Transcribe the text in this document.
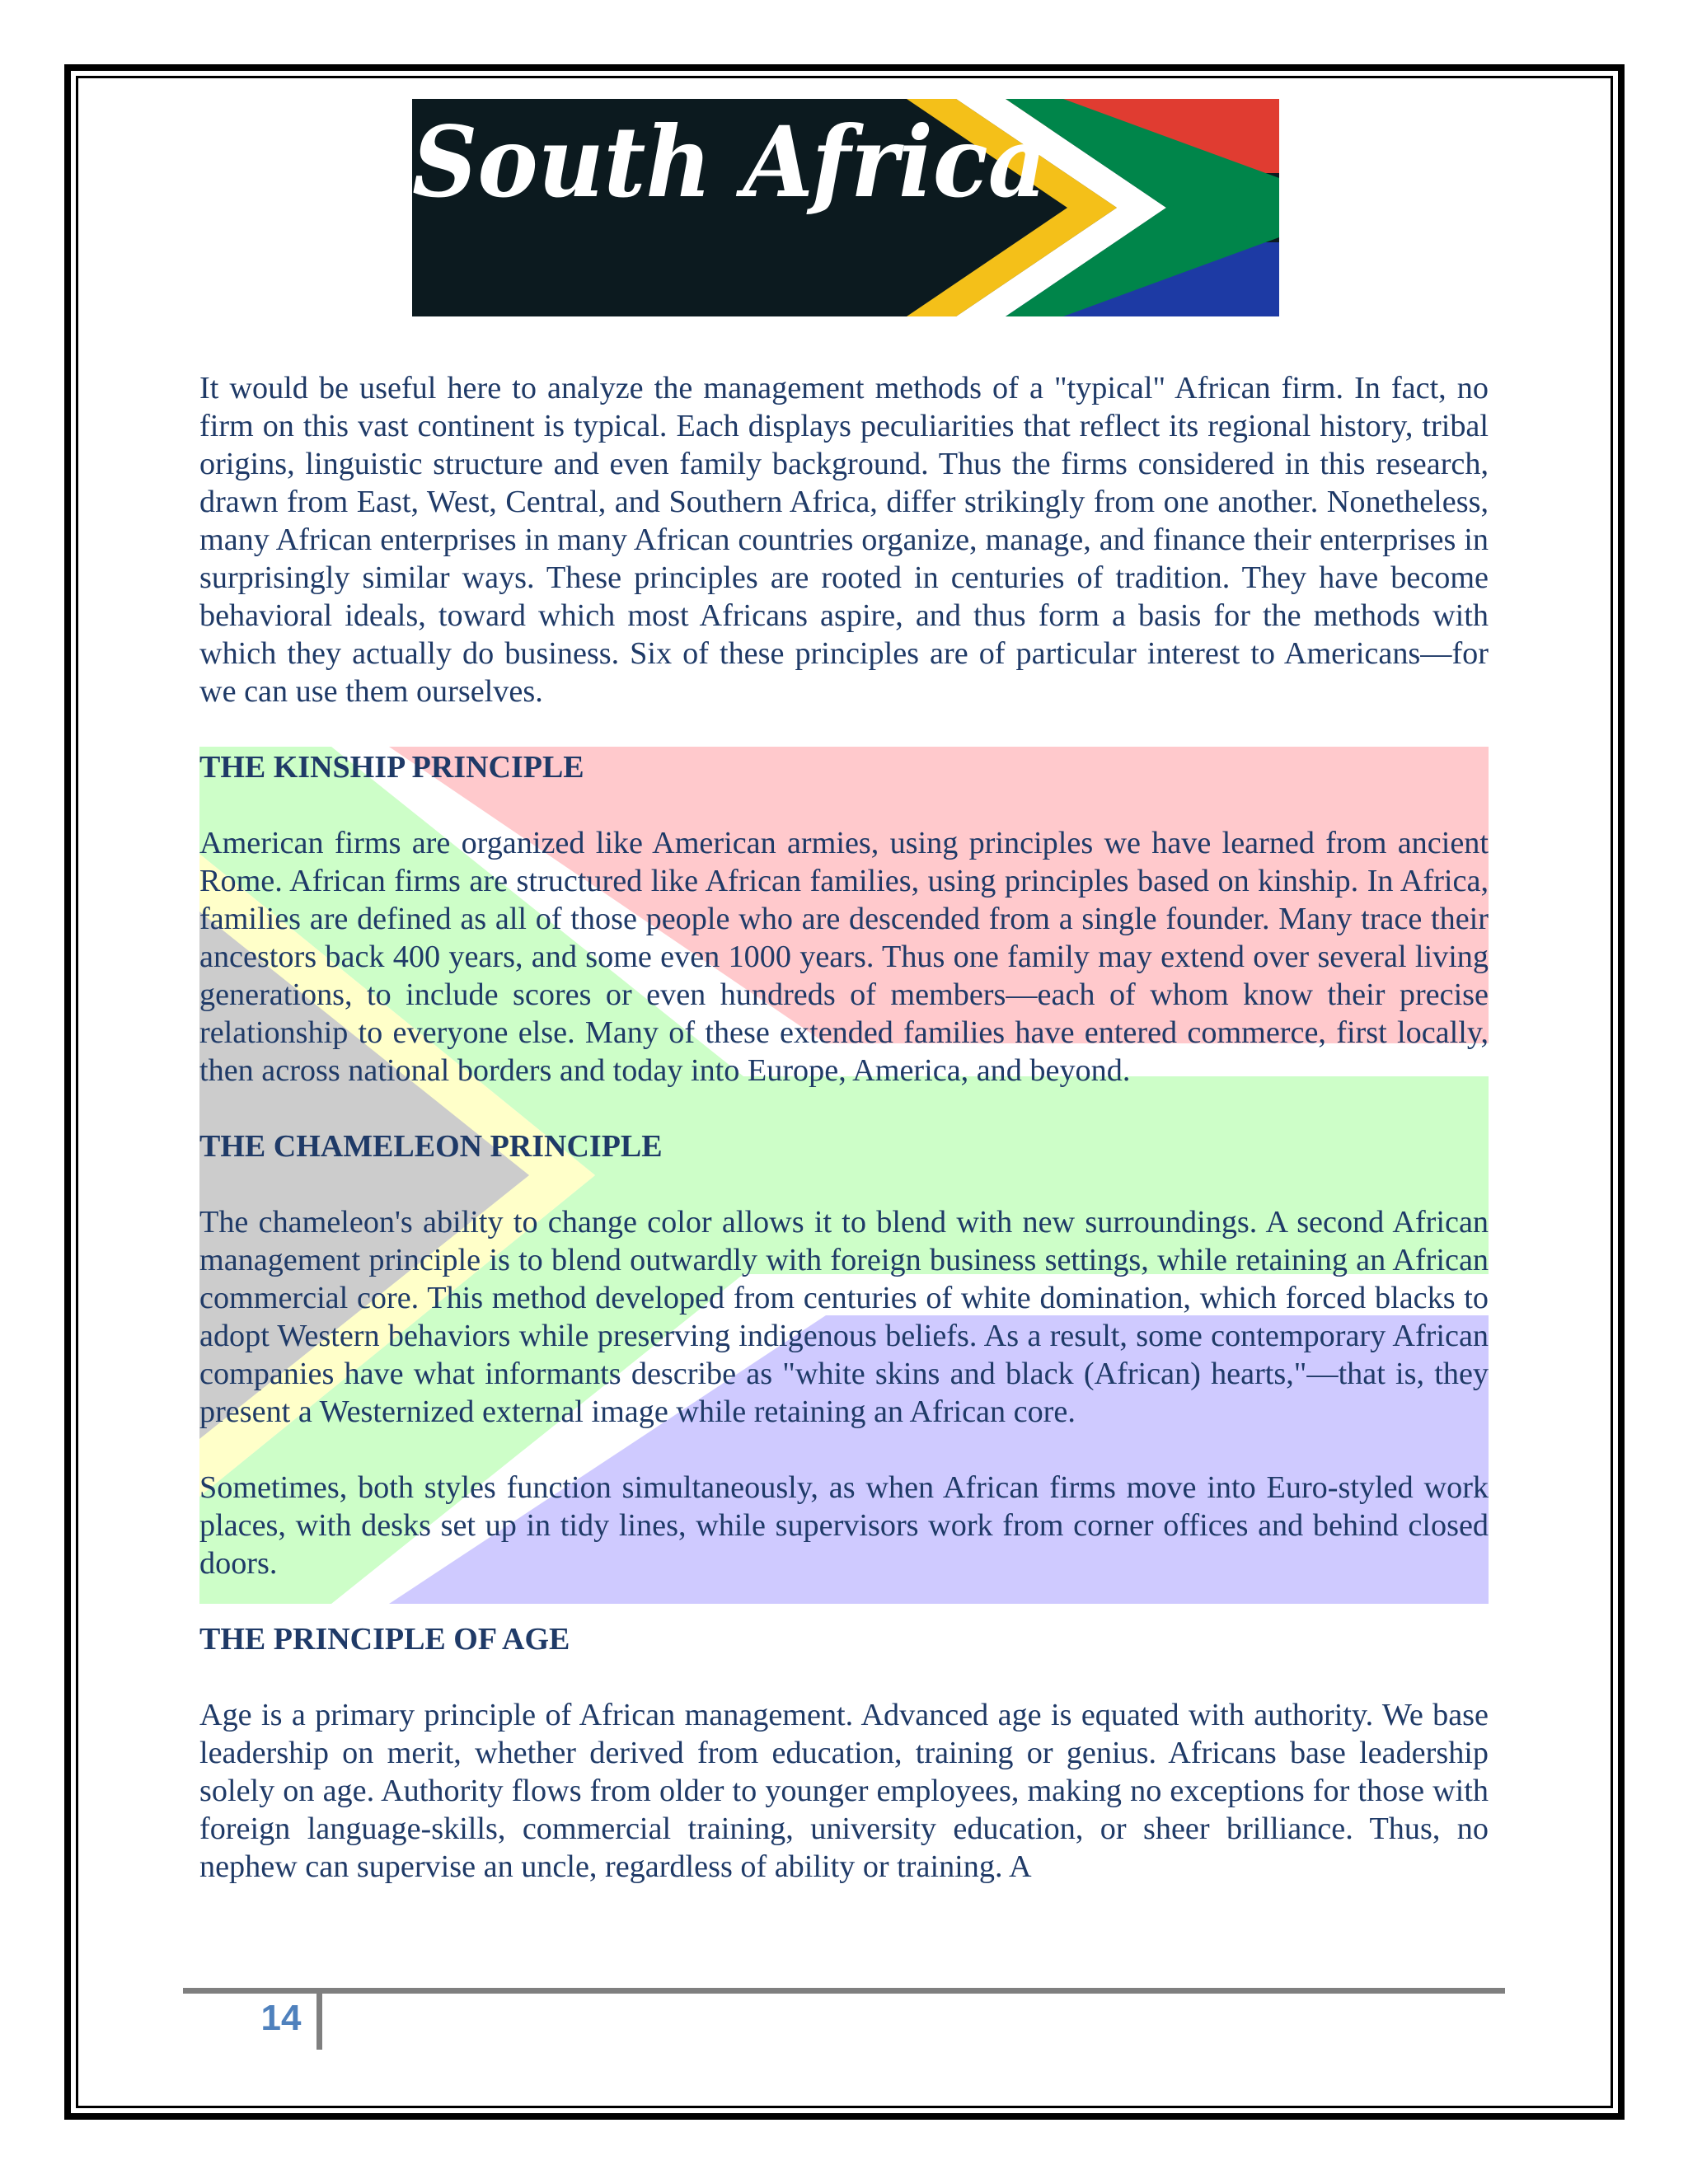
South Africa

It would be useful here to analyze the management methods of a "typical" African firm. In fact, no firm on this vast continent is typical. Each displays peculiarities that reflect its regional history, tribal origins, linguistic structure and even family background. Thus the firms considered in this research, drawn from East, West, Central, and Southern Africa, differ strikingly from one another. Nonetheless, many African enterprises in many African countries organize, manage, and finance their enterprises in surprisingly similar ways. These principles are rooted in centuries of tradition. They have become behavioral ideals, toward which most Africans aspire, and thus form a basis for the methods with which they actually do business. Six of these principles are of particular interest to Americans—for we can use them ourselves.

THE KINSHIP PRINCIPLE

American firms are organized like American armies, using principles we have learned from ancient Rome. African firms are structured like African families, using principles based on kinship. In Africa, families are defined as all of those people who are descended from a single founder. Many trace their ancestors back 400 years, and some even 1000 years. Thus one family may extend over several living generations, to include scores or even hundreds of members—each of whom know their precise relationship to everyone else. Many of these extended families have entered commerce, first locally, then across national borders and today into Europe, America, and beyond.

THE CHAMELEON PRINCIPLE

The chameleon's ability to change color allows it to blend with new surroundings. A second African management principle is to blend outwardly with foreign business settings, while retaining an African commercial core. This method developed from centuries of white domination, which forced blacks to adopt Western behaviors while preserving indigenous beliefs. As a result, some contemporary African companies have what informants describe as "white skins and black (African) hearts,"—that is, they present a Westernized external image while retaining an African core.

Sometimes, both styles function simultaneously, as when African firms move into Euro-styled work places, with desks set up in tidy lines, while supervisors work from corner offices and behind closed doors.

THE PRINCIPLE OF AGE

Age is a primary principle of African management. Advanced age is equated with authority. We base leadership on merit, whether derived from education, training or genius. Africans base leadership solely on age. Authority flows from older to younger employees, making no exceptions for those with foreign language-skills, commercial training, university education, or sheer brilliance. Thus, no nephew can supervise an uncle, regardless of ability or training. A

14
